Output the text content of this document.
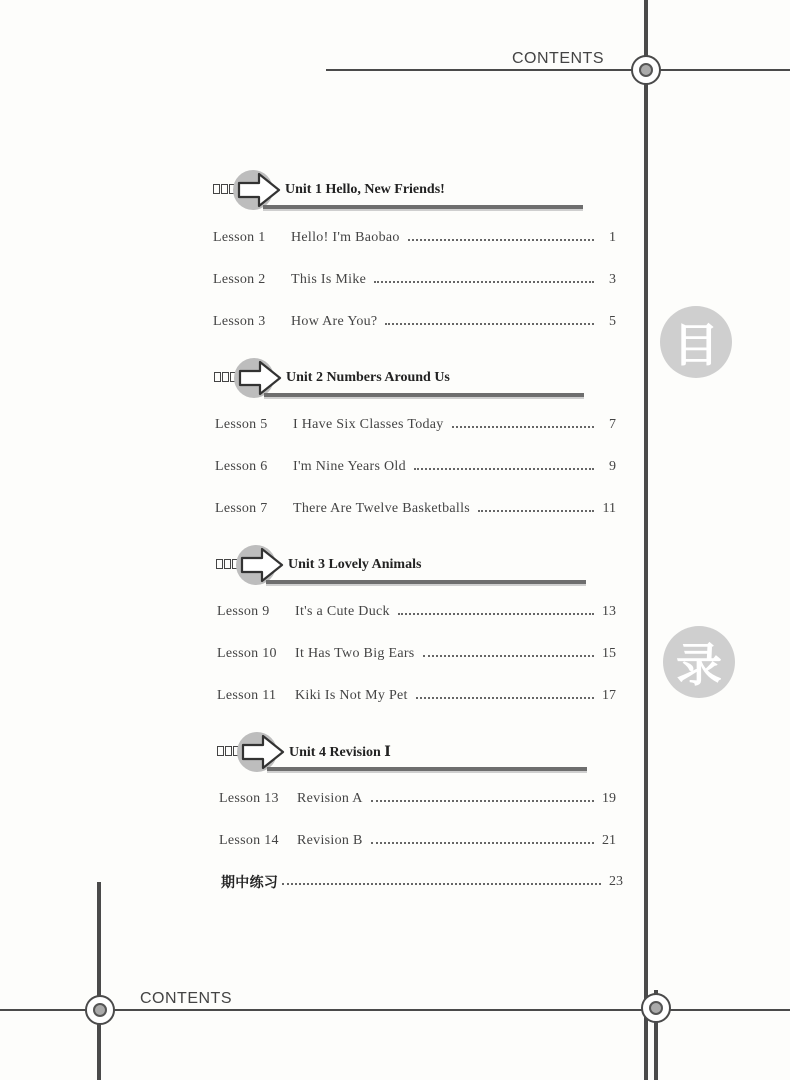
CONTENTS
CONTENTS
目
录
Unit 1 Hello, New Friends!
Lesson 1	Hello! I'm Baobao	1
Lesson 2	This Is Mike	3
Lesson 3	How Are You?	5
Unit 2 Numbers Around Us
Lesson 5	I Have Six Classes Today	7
Lesson 6	I'm Nine Years Old	9
Lesson 7	There Are Twelve Basketballs	11
Unit 3 Lovely Animals
Lesson 9	It's a Cute Duck	13
Lesson 10	It Has Two Big Ears	15
Lesson 11	Kiki Is Not My Pet	17
Unit 4 Revision Ⅰ
Lesson 13	Revision A	19
Lesson 14	Revision B	21
期中练习	23
